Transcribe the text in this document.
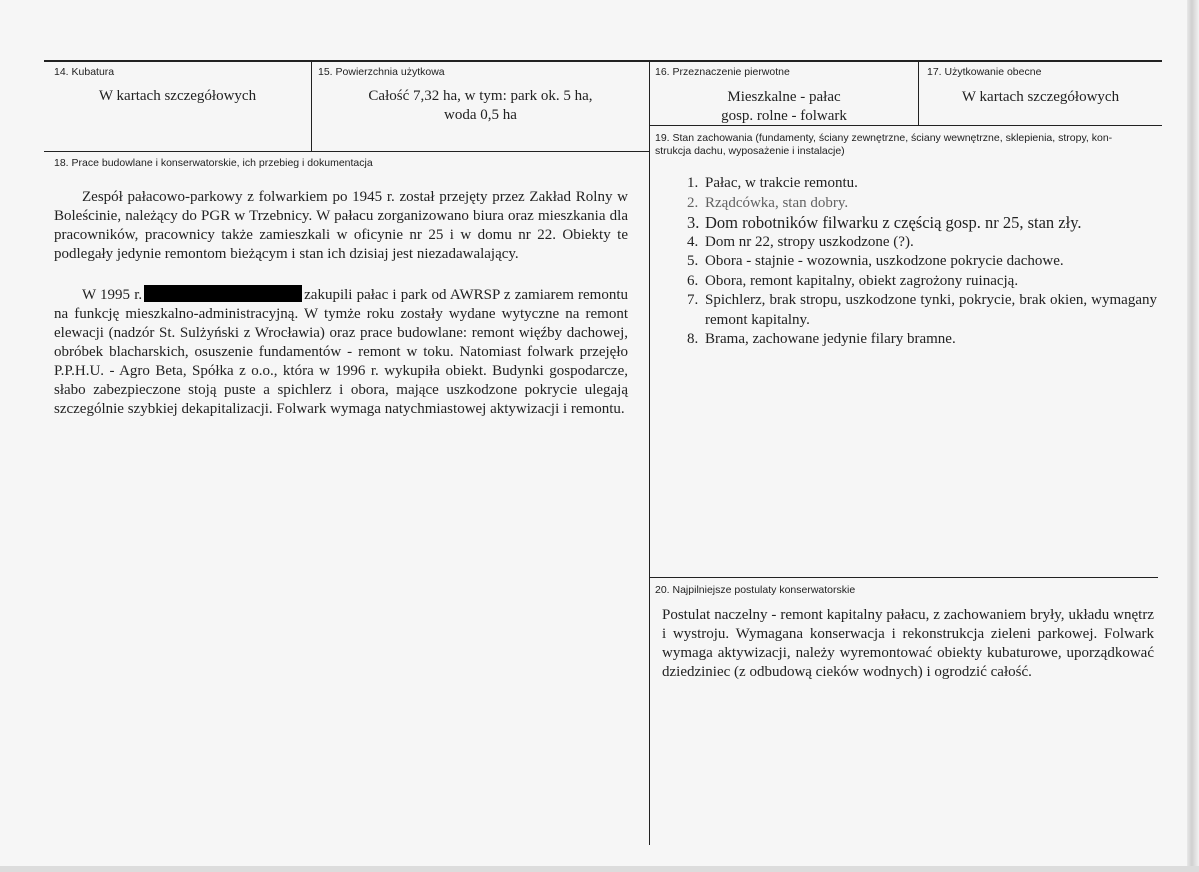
14. Kubatura
W kartach szczegółowych
15. Powierzchnia użytkowa
Całość 7,32 ha, w tym: park ok. 5 ha,
woda 0,5 ha
16. Przeznaczenie pierwotne
Mieszkalne - pałac
gosp. rolne - folwark
17. Użytkowanie obecne
W kartach szczegółowych
18. Prace budowlane i konserwatorskie, ich przebieg i dokumentacja

Zespół pałacowo-parkowy z folwarkiem po 1945 r. został przejęty przez Zakład Rolny w Boleścinie, należący do PGR w Trzebnicy. W pałacu zorganizowano biura oraz mieszkania dla pracowników, pracownicy także zamieszkali w oficynie nr 25 i w domu nr 22. Obiekty te podlegały jedynie remontom bieżącym i stan ich dzisiaj jest niezadawalający.

W 1995 r.	zakupili pałac i park od AWRSP z zamiarem remontu na funkcję mieszkalno-administracyjną. W tymże roku zostały wydane wytyczne na remont elewacji (nadzór St. Sulżyński z Wrocławia) oraz prace budowlane: remont więźby dachowej, obróbek blacharskich, osuszenie fundamentów - remont w toku. Natomiast folwark przejęło P.P.H.U. - Agro Beta, Spółka z o.o., która w 1996 r. wykupiła obiekt. Budynki gospodarcze, słabo zabezpieczone stoją puste a spichlerz i obora, mające uszkodzone pokrycie ulegają szczególnie szybkiej dekapitalizacji. Folwark wymaga natychmiastowej aktywizacji i remontu.

19. Stan zachowania (fundamenty, ściany zewnętrzne, ściany wewnętrzne, sklepienia, stropy, kon-
strukcja dachu, wyposażenie i instalacje)
1. Pałac, w trakcie remontu.
2. Rządcówka, stan dobry.
3. Dom robotników filwarku z częścią gosp. nr 25, stan zły.
4. Dom nr 22, stropy uszkodzone (?).
5. Obora - stajnie - wozownia, uszkodzone pokrycie dachowe.
6. Obora, remont kapitalny, obiekt zagrożony ruinacją.
7. Spichlerz, brak stropu, uszkodzone tynki, pokrycie, brak okien, wymagany remont kapitalny.
8. Brama, zachowane jedynie filary bramne.
20. Najpilniejsze postulaty konserwatorskie

Postulat naczelny - remont kapitalny pałacu, z zachowaniem bryły, układu wnętrz i wystroju. Wymagana konserwacja i rekonstrukcja zieleni parkowej. Folwark wymaga aktywizacji, należy wyremontować obiekty kubaturowe, uporządkować dziedziniec (z odbudową cieków wodnych) i ogrodzić całość.
